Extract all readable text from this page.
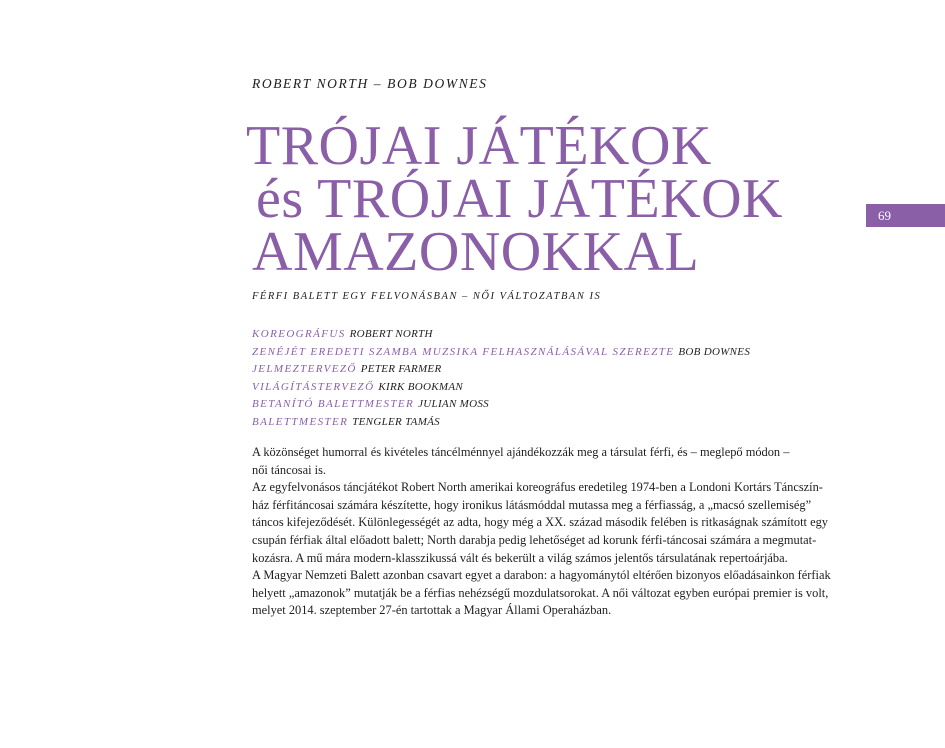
ROBERT NORTH – BOB DOWNES
TRÓJAI JÁTÉKOK
és TRÓJAI JÁTÉKOK
AMAZONOKKAL
FÉRFI BALETT EGY FELVONÁSBAN – NŐI VÁLTOZATBAN IS
KOREOGRÁFUS ROBERT NORTH
ZENÉJÉT EREDETI SZAMBA MUZSIKA FELHASZNÁLÁSÁVAL SZEREZTE BOB DOWNES
JELMEZTERVEZŐ PETER FARMER
VILÁGÍTÁSTERVEZŐ KIRK BOOKMAN
BETANÍTÓ BALETTMESTER JULIAN MOSS
BALETTMESTER TENGLER TAMÁS
69
A közönséget humorral és kivételes táncélménnyel ajándékozzák meg a társulat férfi, és – meglepő módon –
női táncosai is.
Az egyfelvonásos táncjátékot Robert North amerikai koreográfus eredetileg 1974-ben a Londoni Kortárs Táncszín-
ház férfitáncosai számára készítette, hogy ironikus látásmóddal mutassa meg a férfiasság, a „macsó szellemiség”
táncos kifejeződését. Különlegességét az adta, hogy még a XX. század második felében is ritkaságnak számított egy
csupán férfiak által előadott balett; North darabja pedig lehetőséget ad korunk férfi-táncosai számára a megmutat-
kozásra. A mű mára modern-klasszikussá vált és bekerült a világ számos jelentős társulatának repertoárjába.
A Magyar Nemzeti Balett azonban csavart egyet a darabon: a hagyománytól eltérően bizonyos előadásainkon férfiak
helyett „amazonok” mutatják be a férfias nehézségű mozdulatsorokat. A női változat egyben európai premier is volt,
melyet 2014. szeptember 27-én tartottak a Magyar Állami Operaházban.
